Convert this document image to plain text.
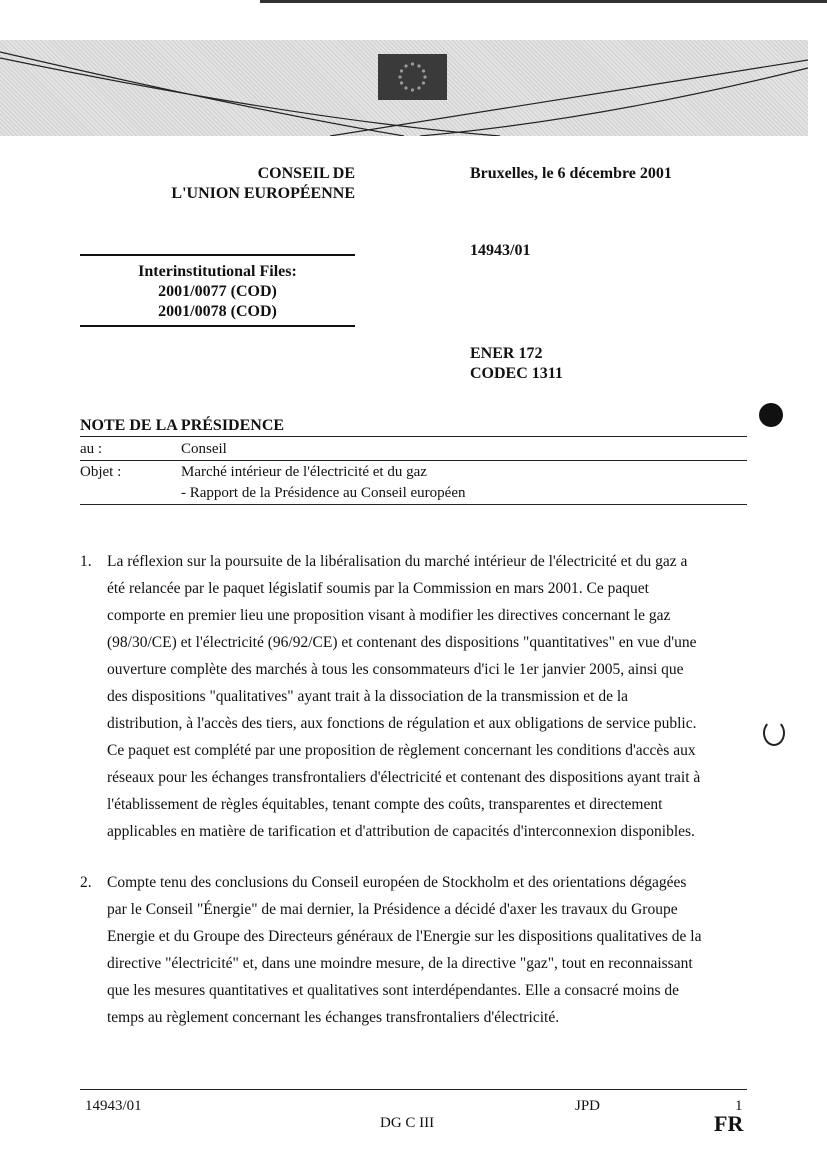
CONSEIL DE
L'UNION EUROPÉENNE
Bruxelles, le 6 décembre 2001
Interinstitutional Files:
2001/0077 (COD)
2001/0078 (COD)
14943/01
ENER 172
CODEC 1311
NOTE DE LA PRÉSIDENCE
au :	Conseil
Objet :	Marché intérieur de l'électricité et du gaz
- Rapport de la Présidence au Conseil européen
1. La réflexion sur la poursuite de la libéralisation du marché intérieur de l'électricité et du gaz a
été relancée par le paquet législatif soumis par la Commission en mars 2001. Ce paquet
comporte en premier lieu une proposition visant à modifier les directives concernant le gaz
(98/30/CE) et l'électricité (96/92/CE) et contenant des dispositions "quantitatives" en vue d'une
ouverture complète des marchés à tous les consommateurs d'ici le 1er janvier 2005, ainsi que
des dispositions "qualitatives" ayant trait à la dissociation de la transmission et de la
distribution, à l'accès des tiers, aux fonctions de régulation et aux obligations de service public.
Ce paquet est complété par une proposition de règlement concernant les conditions d'accès aux
réseaux pour les échanges transfrontaliers d'électricité et contenant des dispositions ayant trait à
l'établissement de règles équitables, tenant compte des coûts, transparentes et directement
applicables en matière de tarification et d'attribution de capacités d'interconnexion disponibles.
2. Compte tenu des conclusions du Conseil européen de Stockholm et des orientations dégagées
par le Conseil "Énergie" de mai dernier, la Présidence a décidé d'axer les travaux du Groupe
Energie et du Groupe des Directeurs généraux de l'Energie sur les dispositions qualitatives de la
directive "électricité" et, dans une moindre mesure, de la directive "gaz", tout en reconnaissant
que les mesures quantitatives et qualitatives sont interdépendantes. Elle a consacré moins de
temps au règlement concernant les échanges transfrontaliers d'électricité.
14943/01	JPD	1
DG C III	FR
